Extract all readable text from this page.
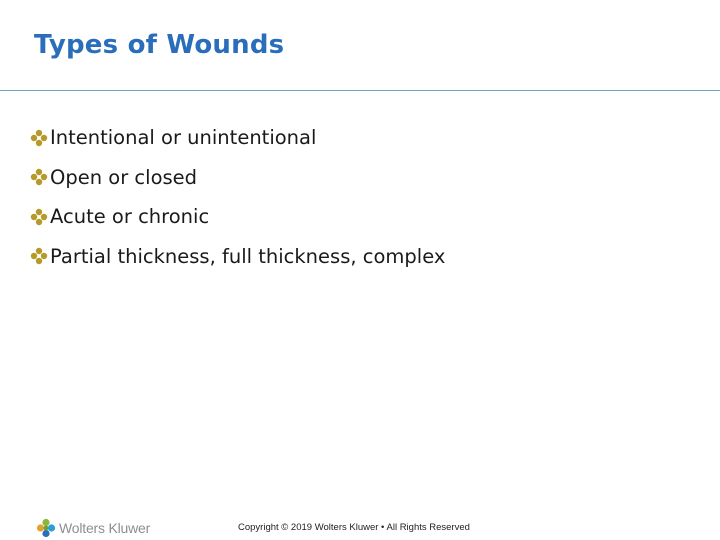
Types of Wounds
Intentional or unintentional
Open or closed
Acute or chronic
Partial thickness, full thickness, complex
Wolters Kluwer	Copyright © 2019 Wolters Kluwer • All Rights Reserved
